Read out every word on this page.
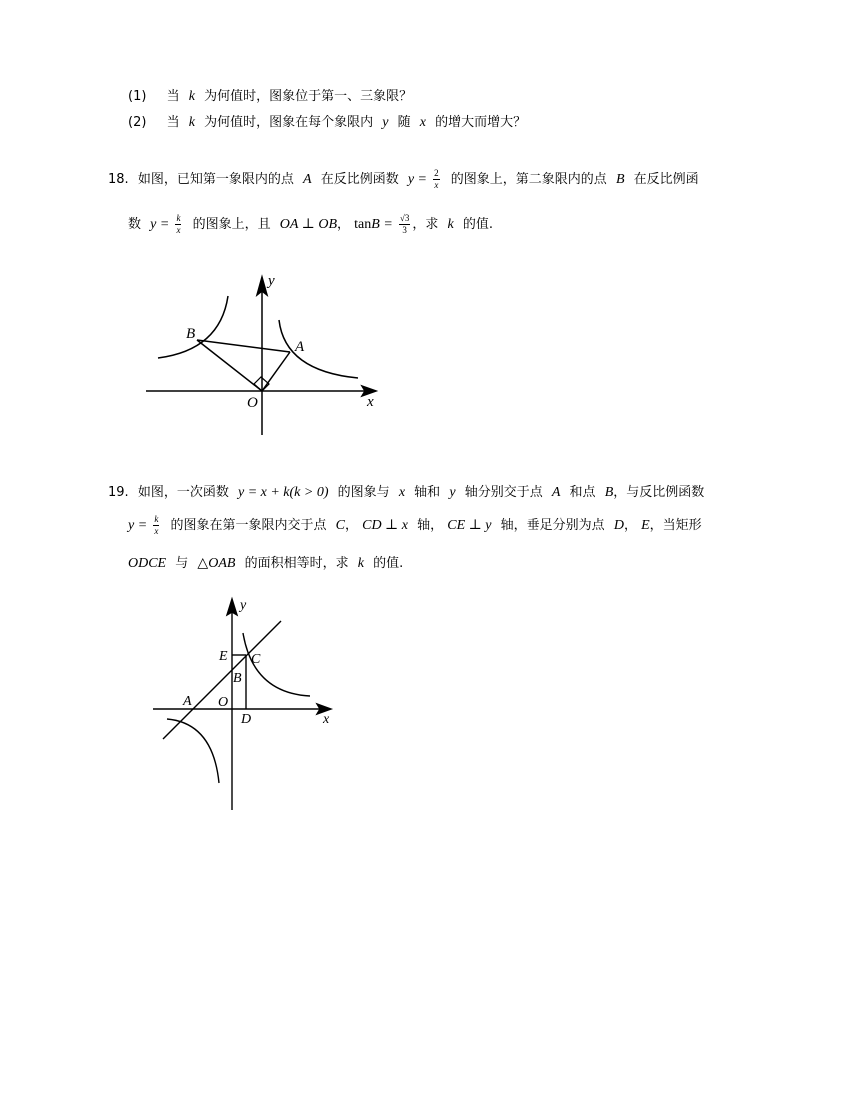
(1) 当 k 为何值时，图象位于第一、三象限？
(2) 当 k 为何值时，图象在每个象限内 y 随 x 的增大而增大？
18. 如图，已知第一象限内的点 A 在反比例函数 $y = \frac{2}{x}$ 的图象上，第二象限内的点 B 在反比例函
数 $y = \frac{k}{x}$ 的图象上，且 OA ⊥ OB， $\tan B = \frac{√3}{3}$ ，求 k 的值.
y
x
O
A
B
19. 如图，一次函数 y = x + k(k > 0) 的图象与 x 轴和 y 轴分别交于点 A 和点 B，与反比例函数
$y = \frac{k}{x}$ 的图象在第一象限内交于点 C， CD ⊥ x 轴， CE ⊥ y 轴，垂足分别为点 D， E，当矩形
ODCE 与 △OAB 的面积相等时，求 k 的值.
y
x
O
A
B
C
D
E
